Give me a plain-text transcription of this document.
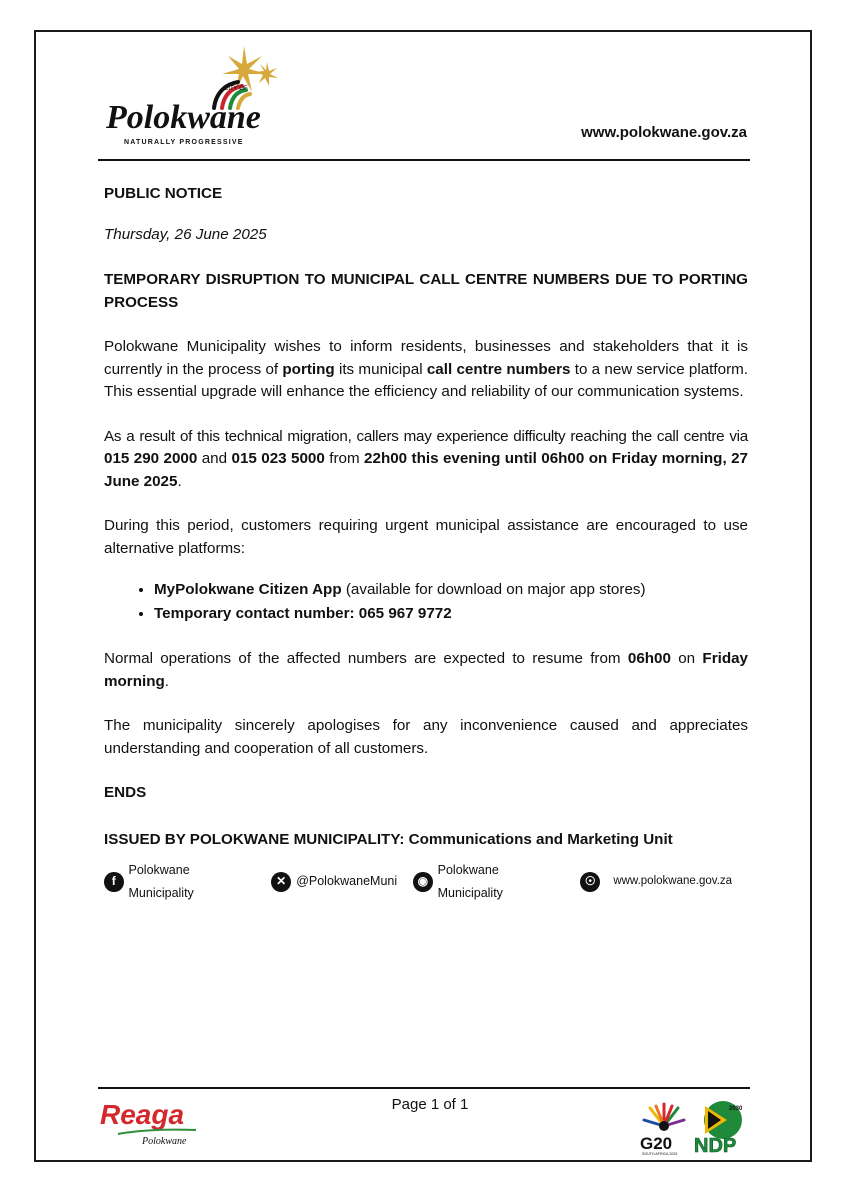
CITY OF
Polokwane
NATURALLY PROGRESSIVE
www.polokwane.gov.za

PUBLIC NOTICE

Thursday, 26 June 2025

TEMPORARY DISRUPTION TO MUNICIPAL CALL CENTRE NUMBERS DUE TO PORTING PROCESS

Polokwane Municipality wishes to inform residents, businesses and stakeholders that it is currently in the process of porting its municipal call centre numbers to a new service platform. This essential upgrade will enhance the efficiency and reliability of our communication systems.

As a result of this technical migration, callers may experience difficulty reaching the call centre via 015 290 2000 and 015 023 5000 from 22h00 this evening until 06h00 on Friday morning, 27 June 2025.

During this period, customers requiring urgent municipal assistance are encouraged to use alternative platforms:

• MyPolokwane Citizen App (available for download on major app stores)
• Temporary contact number: 065 967 9772

Normal operations of the affected numbers are expected to resume from 06h00 on Friday morning.

The municipality sincerely apologises for any inconvenience caused and appreciates understanding and cooperation of all customers.

ENDS

ISSUED BY POLOKWANE MUNICIPALITY: Communications and Marketing Unit

f
Polokwane Municipality
✕ @PolokwaneMuni	◉
Polokwane Municipality
☉	www.polokwane.gov.za
Page 1 of 1
Reaga
Polokwane	G20
SOUTH AFRICA 2025
2030
NDP
